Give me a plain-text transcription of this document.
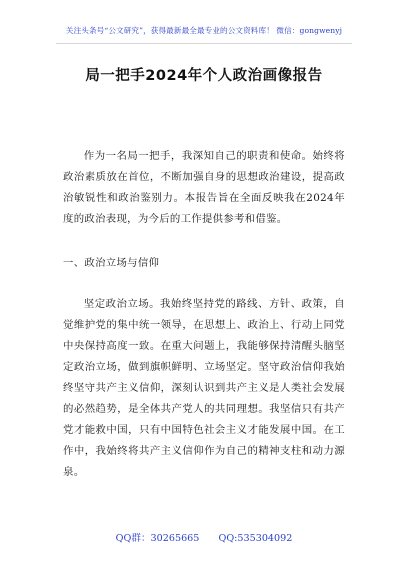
关注头条号“公文研究”，获得最新最全最专业的公文资料库！ 微信：gongwenyj
局一把手2024年个人政治画像报告

作为一名局一把手，我深知自己的职责和使命。始终将政治素质放在首位，不断加强自身的思想政治建设，提高政治敏锐性和政治鉴别力。本报告旨在全面反映我在2024年度的政治表现，为今后的工作提供参考和借鉴。

一、政治立场与信仰

坚定政治立场。我始终坚持党的路线、方针、政策，自觉维护党的集中统一领导，在思想上、政治上、行动上同党中央保持高度一致。在重大问题上，我能够保持清醒头脑坚定政治立场，做到旗帜鲜明、立场坚定。坚守政治信仰我始终坚守共产主义信仰，深刻认识到共产主义是人类社会发展的必然趋势，是全体共产党人的共同理想。我坚信只有共产党才能救中国，只有中国特色社会主义才能发展中国。在工作中，我始终将共产主义信仰作为自己的精神支柱和动力源泉。

QQ群：30265665 QQ:535304092
